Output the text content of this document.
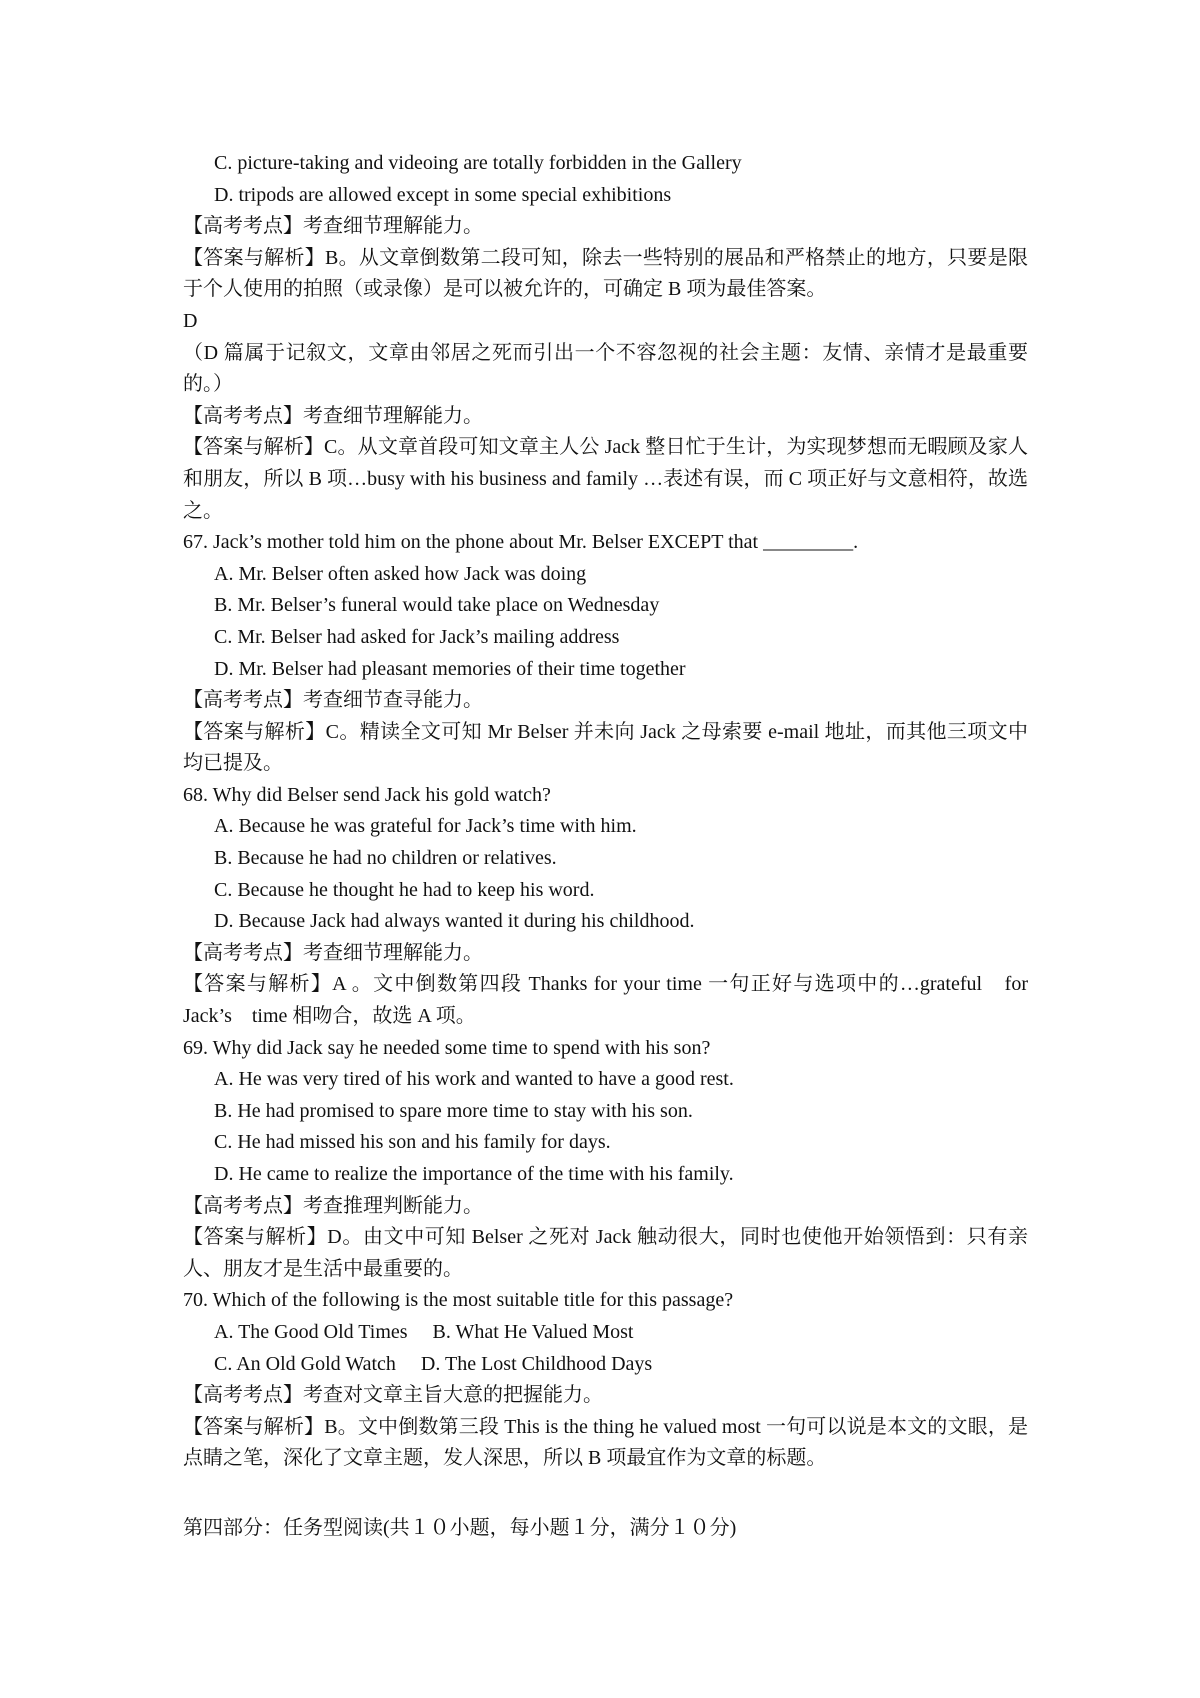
C. picture-taking and videoing are totally forbidden in the Gallery
D. tripods are allowed except in some special exhibitions
【高考考点】考查细节理解能力。
【答案与解析】B。从文章倒数第二段可知，除去一些特别的展品和严格禁止的地方，只要是限于个人使用的拍照（或录像）是可以被允许的，可确定 B 项为最佳答案。
D
（D 篇属于记叙文，文章由邻居之死而引出一个不容忽视的社会主题：友情、亲情才是最重要的。）
【高考考点】考查细节理解能力。
【答案与解析】C。从文章首段可知文章主人公 Jack 整日忙于生计，为实现梦想而无暇顾及家人和朋友，所以 B 项…busy with his business and family …表述有误，而 C 项正好与文意相符，故选之。
67. Jack’s mother told him on the phone about Mr. Belser EXCEPT that _________.
A. Mr. Belser often asked how Jack was doing
B. Mr. Belser’s funeral would take place on Wednesday
C. Mr. Belser had asked for Jack’s mailing address
D. Mr. Belser had pleasant memories of their time together
【高考考点】考查细节查寻能力。
【答案与解析】C。精读全文可知 Mr Belser 并未向 Jack 之母索要 e-mail 地址，而其他三项文中均已提及。
68. Why did Belser send Jack his gold watch?
A. Because he was grateful for Jack’s time with him.
B. Because he had no children or relatives.
C. Because he thought he had to keep his word.
D. Because Jack had always wanted it during his childhood.
【高考考点】考查细节理解能力。
【答案与解析】A 。文中倒数第四段 Thanks for your time 一句正好与选项中的…grateful　for Jack’s　time 相吻合，故选 A 项。
69. Why did Jack say he needed some time to spend with his son?
A. He was very tired of his work and wanted to have a good rest.
B. He had promised to spare more time to stay with his son.
C. He had missed his son and his family for days.
D. He came to realize the importance of the time with his family.
【高考考点】考查推理判断能力。
【答案与解析】D。由文中可知 Belser 之死对 Jack 触动很大，同时也使他开始领悟到：只有亲人、朋友才是生活中最重要的。
70. Which of the following is the most suitable title for this passage?
A. The Good Old Times　 B. What He Valued Most
C. An Old Gold Watch　 D. The Lost Childhood Days
【高考考点】考查对文章主旨大意的把握能力。
【答案与解析】B。文中倒数第三段 This is the thing he valued most 一句可以说是本文的文眼，是点睛之笔，深化了文章主题，发人深思，所以 B 项最宜作为文章的标题。
第四部分：任务型阅读(共１０小题，每小题１分，满分１０分)
